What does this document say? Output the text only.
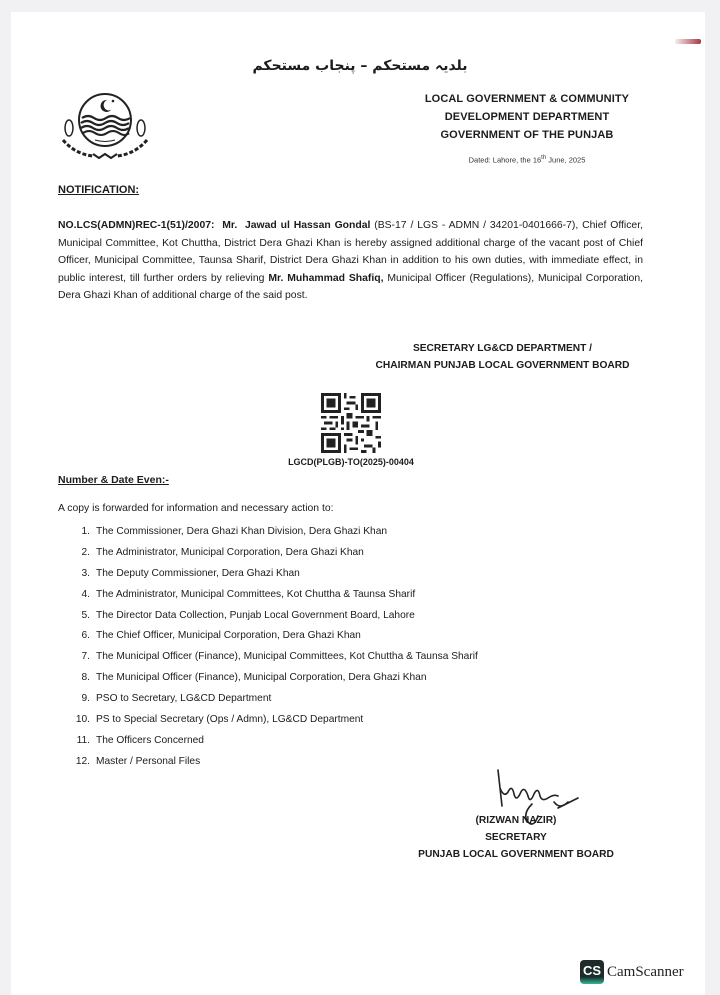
بلدیہ مستحکم – پنجاب مستحکم
LOCAL GOVERNMENT & COMMUNITY
DEVELOPMENT DEPARTMENT
GOVERNMENT OF THE PUNJAB
Dated: Lahore, the 16th June, 2025
NOTIFICATION:
NO.LCS(ADMN)REC-1(51)/2007: Mr. Jawad ul Hassan Gondal (BS-17 / LGS - ADMN / 34201-0401666-7), Chief Officer, Municipal Committee, Kot Chuttha, District Dera Ghazi Khan is hereby assigned additional charge of the vacant post of Chief Officer, Municipal Committee, Taunsa Sharif, District Dera Ghazi Khan in addition to his own duties, with immediate effect, in public interest, till further orders by relieving Mr. Muhammad Shafiq, Municipal Officer (Regulations), Municipal Corporation, Dera Ghazi Khan of additional charge of the said post.
SECRETARY LG&CD DEPARTMENT /
CHAIRMAN PUNJAB LOCAL GOVERNMENT BOARD
LGCD(PLGB)-TO(2025)-00404
Number & Date Even:-
A copy is forwarded for information and necessary action to:
1. The Commissioner, Dera Ghazi Khan Division, Dera Ghazi Khan
2. The Administrator, Municipal Corporation, Dera Ghazi Khan
3. The Deputy Commissioner, Dera Ghazi Khan
4. The Administrator, Municipal Committees, Kot Chuttha & Taunsa Sharif
5. The Director Data Collection, Punjab Local Government Board, Lahore
6. The Chief Officer, Municipal Corporation, Dera Ghazi Khan
7. The Municipal Officer (Finance), Municipal Committees, Kot Chuttha & Taunsa Sharif
8. The Municipal Officer (Finance), Municipal Corporation, Dera Ghazi Khan
9. PSO to Secretary, LG&CD Department
10. PS to Special Secretary (Ops / Admn), LG&CD Department
11. The Officers Concerned
12. Master / Personal Files
(RIZWAN NAZIR)
SECRETARY
PUNJAB LOCAL GOVERNMENT BOARD
CS CamScanner
